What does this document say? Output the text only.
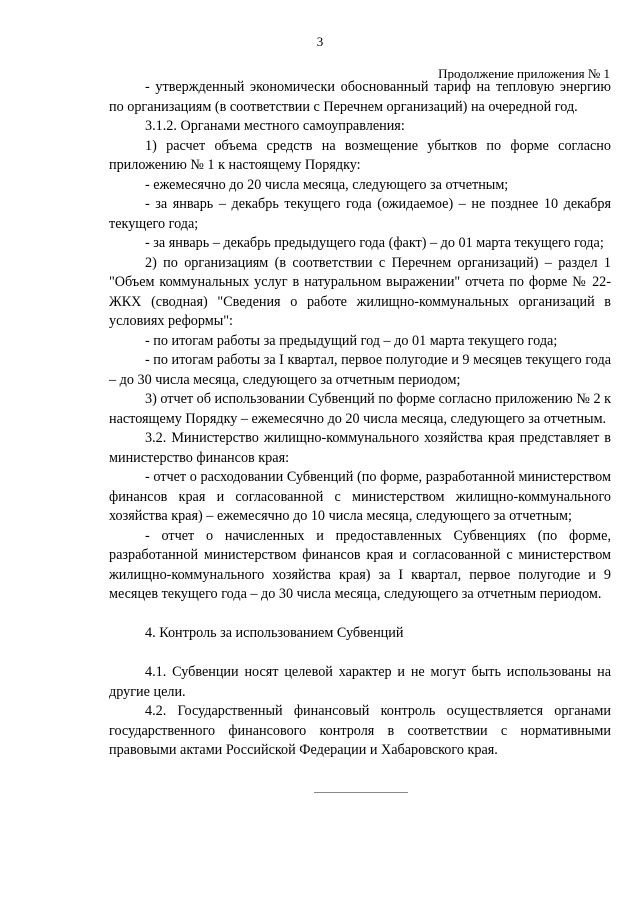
3
Продолжение приложения № 1

- утвержденный экономически обоснованный тариф на тепловую энергию по организациям (в соответствии с Перечнем организаций) на очередной год.

3.1.2. Органами местного самоуправления:

1) расчет объема средств на возмещение убытков по форме согласно приложению № 1 к настоящему Порядку:

- ежемесячно до 20 числа месяца, следующего за отчетным;

- за январь – декабрь текущего года (ожидаемое) – не позднее 10 декабря текущего года;

- за январь – декабрь предыдущего года (факт) – до 01 марта текущего года;

2) по организациям (в соответствии с Перечнем организаций) – раздел 1 "Объем коммунальных услуг в натуральном выражении" отчета по форме № 22-ЖКХ (сводная) "Сведения о работе жилищно-коммунальных организаций в условиях реформы":

- по итогам работы за предыдущий год – до 01 марта текущего года;

- по итогам работы за I квартал, первое полугодие и 9 месяцев текущего года – до 30 числа месяца, следующего за отчетным периодом;

3) отчет об использовании Субвенций по форме согласно приложению № 2 к настоящему Порядку – ежемесячно до 20 числа месяца, следующего за отчетным.

3.2. Министерство жилищно-коммунального хозяйства края представляет в министерство финансов края:

- отчет о расходовании Субвенций (по форме, разработанной министерством финансов края и согласованной с министерством жилищно-коммунального хозяйства края) – ежемесячно до 10 числа месяца, следующего за отчетным;

- отчет о начисленных и предоставленных Субвенциях (по форме, разработанной министерством финансов края и согласованной с министерством жилищно-коммунального хозяйства края) за I квартал, первое полугодие и 9 месяцев текущего года – до 30 числа месяца, следующего за отчетным периодом.

4. Контроль за использованием Субвенций

4.1. Субвенции носят целевой характер и не могут быть использованы на другие цели.

4.2. Государственный финансовый контроль осуществляется органами государственного финансового контроля в соответствии с нормативными правовыми актами Российской Федерации и Хабаровского края.
